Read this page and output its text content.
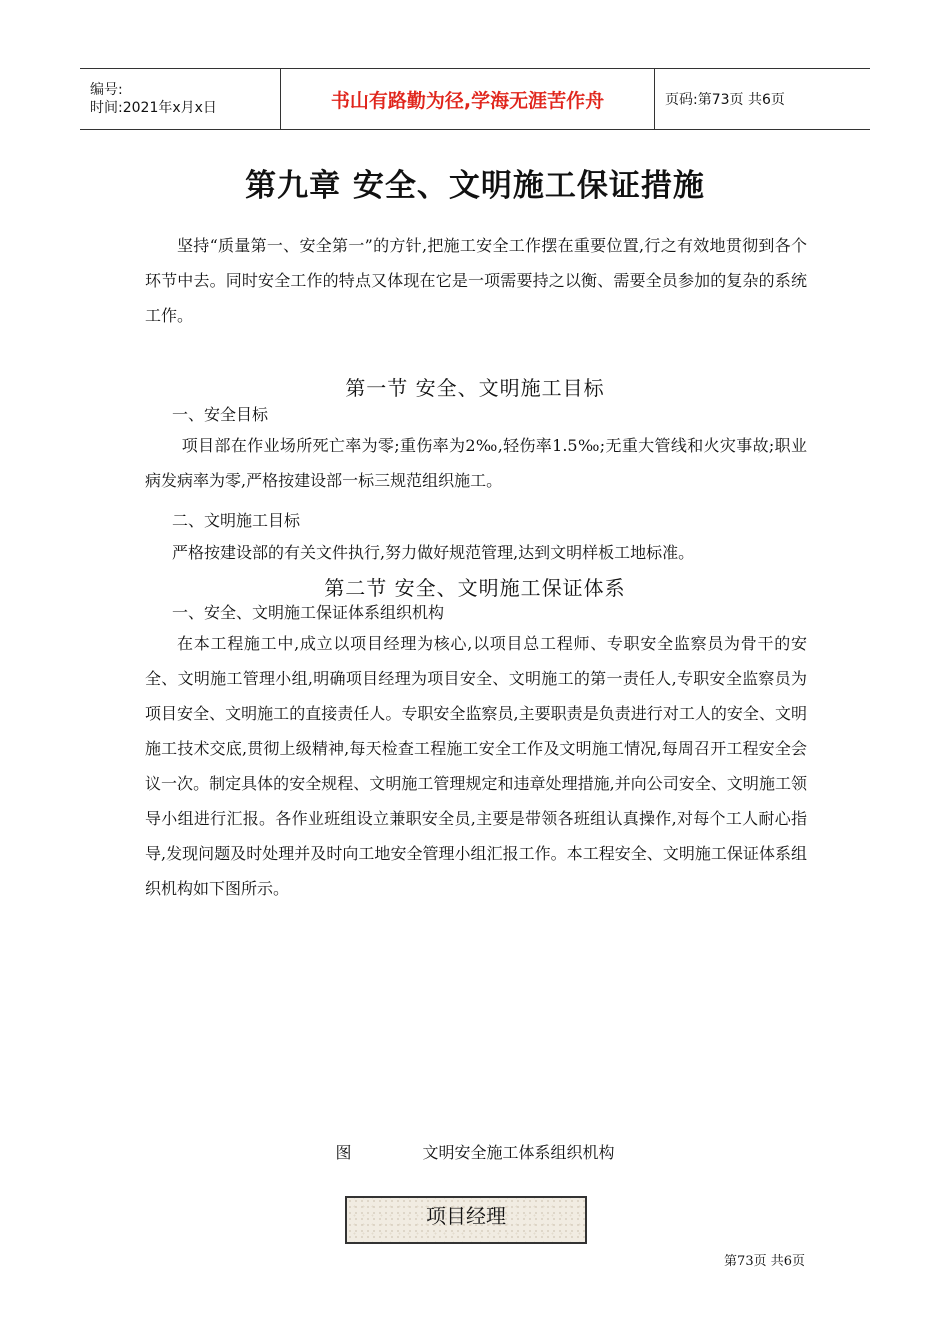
编号:
时间:2021年x月x日	书山有路勤为径,学海无涯苦作舟	页码:第73页 共6页
第九章 安全、文明施工保证措施

坚持“质量第一、安全第一”的方针,把施工安全工作摆在重要位置,行之有效地贯彻到各个环节中去。同时安全工作的特点又体现在它是一项需要持之以衡、需要全员参加的复杂的系统工作。

第一节 安全、文明施工目标
一、安全目标

项目部在作业场所死亡率为零;重伤率为2‰,轻伤率1.5‰;无重大管线和火灾事故;职业病发病率为零,严格按建设部一标三规范组织施工。

二、文明施工目标

严格按建设部的有关文件执行,努力做好规范管理,达到文明样板工地标准。

第二节 安全、文明施工保证体系
一、安全、文明施工保证体系组织机构

在本工程施工中,成立以项目经理为核心,以项目总工程师、专职安全监察员为骨干的安全、文明施工管理小组,明确项目经理为项目安全、文明施工的第一责任人,专职安全监察员为项目安全、文明施工的直接责任人。专职安全监察员,主要职责是负责进行对工人的安全、文明施工技术交底,贯彻上级精神,每天检查工程施工安全工作及文明施工情况,每周召开工程安全会议一次。制定具体的安全规程、文明施工管理规定和违章处理措施,并向公司安全、文明施工领导小组进行汇报。各作业班组设立兼职安全员,主要是带领各班组认真操作,对每个工人耐心指导,发现问题及时处理并及时向工地安全管理小组汇报工作。本工程安全、文明施工保证体系组织机构如下图所示。

图	文明安全施工体系组织机构
项目经理
第73页 共6页
